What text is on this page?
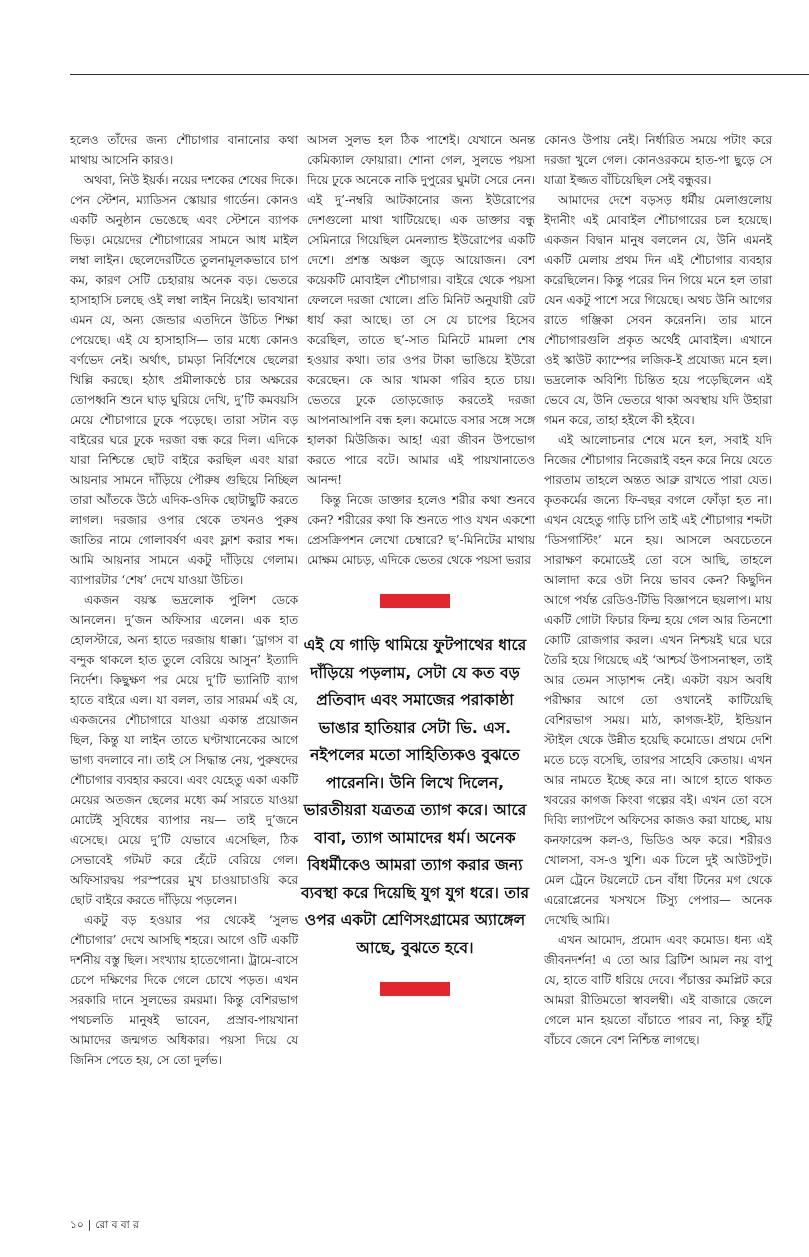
হলেও তাঁদের জন্য শৌচাগার বানানোর কথা মাথায় আসেনি কারও।

অথবা, নিউ ইয়র্ক। নয়ের দশকের শেষের দিকে। পেন স্টেশন, ম্যাডিসন স্কোয়ার গার্ডেন। কোনও একটি অনুষ্ঠান ভেঙেছে এবং স্টেশনে ব্যাপক ভিড়। মেয়েদের শৌচাগারের সামনে আধ মাইল লম্বা লাইন। ছেলেদেরটিতে তুলনামূলকভাবে চাপ কম, কারণ সেটি চেহারায় অনেক বড়। ভেতরে হাসাহাসি চলছে ওই লম্বা লাইন নিয়েই। ভাবখানা এমন যে, অন্য জেন্ডার এতদিনে উচিত শিক্ষা পেয়েছে। এই যে হাসাহাসি— তার মধ্যে কোনও বর্ণভেদ নেই। অর্থাৎ, চামড়া নির্বিশেষে ছেলেরা খিল্লি করছে। হঠাৎ প্রমীলাকণ্ঠে চার অক্ষরের তোপধ্বনি শুনে ঘাড় ঘুরিয়ে দেখি, দু’টি কমবয়সি মেয়ে শৌচাগারে ঢুকে পড়েছে। তারা সটান বড় বাইরের ঘরে ঢুকে দরজা বন্ধ করে দিল। এদিকে যারা নিশ্চিন্তে ছোট বাইরে করছিল এবং যারা আয়নার সামনে দাঁড়িয়ে পৌরুষ গুছিয়ে নিচ্ছিল তারা আঁতকে উঠে এদিক-ওদিক ছোটাছুটি করতে লাগল। দরজার ওপার থেকে তখনও পুরুষ জাতির নামে গোলাবর্ষণ এবং ফ্লাশ করার শব্দ। আমি আয়নার সামনে একটু দাঁড়িয়ে গেলাম। ব্যাপারটার ‘শেষ’ দেখে যাওয়া উচিত।

একজন বয়স্ক ভদ্রলোক পুলিশ ডেকে আনলেন। দু’জন অফিসার এলেন। এক হাত হোলস্টারে, অন্য হাতে দরজায় ধাক্কা। ‘ড্রাগস বা বন্দুক থাকলে হাত তুলে বেরিয়ে আসুন’ ইত্যাদি নির্দেশ। কিছুক্ষণ পর মেয়ে দু’টি ভ্যানিটি ব্যাগ হাতে বাইরে এল। যা বলল, তার সারমর্ম এই যে, একজনের শৌচাগারে যাওয়া একান্ত প্রয়োজন ছিল, কিন্তু যা লাইন তাতে ঘণ্টাখানেকের আগে ভাগ্য বদলাবে না। তাই সে সিদ্ধান্ত নেয়, পুরুষদের শৌচাগার ব্যবহার করবে। এবং যেহেতু একা একটি মেয়ের অতজন ছেলের মধ্যে কর্ম সারতে যাওয়া মোটেই সুবিধের ব্যাপার নয়— তাই দু’জনে এসেছে। মেয়ে দু’টি যেভাবে এসেছিল, ঠিক সেভাবেই গটমট করে হেঁটে বেরিয়ে গেল। অফিসারদ্বয় পরস্পরের মুখ চাওয়াচাওয়ি করে ছোট বাইরে করতে দাঁড়িয়ে পড়লেন।

একটু বড় হওয়ার পর থেকেই ‘সুলভ শৌচাগার’ দেখে আসছি শহরে। আগে ওটি একটি দর্শনীয় বস্তু ছিল। সংখ্যায় হাতেগোনা। ট্রামে-বাসে চেপে দক্ষিণের দিকে গেলে চোখে পড়ত। এখন সরকারি দানে সুলভের রমরমা। কিন্তু বেশিরভাগ পথচলতি মানুষই ভাবেন, প্রস্রাব-পায়খানা আমাদের জন্মগত অধিকার। পয়সা দিয়ে যে জিনিস পেতে হয়, সে তো দুর্লভ।

আসল সুলভ হল ঠিক পাশেই। যেখানে অনন্ত কেমিক্যাল ফোয়ারা। শোনা গেল, সুলভে পয়সা দিয়ে ঢুকে অনেকে নাকি দুপুরের ঘুমটা সেরে নেন। এই দু’-নম্বরি আটকানোর জন্য ইউরোপের দেশগুলো মাথা খাটিয়েছে। এক ডাক্তার বন্ধু সেমিনারে গিয়েছিল মেনল্যান্ড ইউরোপের একটি দেশে। প্রশস্ত অঞ্চল জুড়ে আয়োজন। বেশ কয়েকটি মোবাইল শৌচাগার। বাইরে থেকে পয়সা ফেললে দরজা খোলে। প্রতি মিনিট অনুযায়ী রেট ধার্য করা আছে। তা সে যে চাপের হিসেব করেছিল, তাতে ছ’-সাত মিনিটে মামলা শেষ হওয়ার কথা। তার ওপর টাকা ভাঙিয়ে ইউরো করেছেন। কে আর খামকা গরিব হতে চায়। ভেতরে ঢুকে তোড়জোড় করতেই দরজা আপনাআপনি বন্ধ হল। কমোডে বসার সঙ্গে সঙ্গে হালকা মিউজিক। আহ! এরা জীবন উপভোগ করতে পারে বটে। আমার এই পায়খানাতেও আনন্দ!

কিন্তু নিজে ডাক্তার হলেও শরীর কথা শুনবে কেন? শরীরের কথা কি শুনতে পাও যখন একশো প্রেসক্রিপশন লেখো চেম্বারে? ছ’-মিনিটের মাথায় মোক্ষম মোচড়, এদিকে ভেতর থেকে পয়সা ভরার

এই যে গাড়ি থামিয়ে ফুটপাথের ধারে দাঁড়িয়ে পড়লাম, সেটা যে কত বড় প্রতিবাদ এবং সমাজের পরাকাষ্ঠা ভাঙার হাতিয়ার সেটা ভি. এস. নইপলের মতো সাহিত্যিকও বুঝতে পারেননি। উনি লিখে দিলেন, ভারতীয়রা যত্রতত্র ত্যাগ করে। আরে বাবা, ত্যাগ আমাদের ধর্ম। অনেক বিধর্মীকেও আমরা ত্যাগ করার জন্য ব্যবস্থা করে দিয়েছি যুগ যুগ ধরে। তার ওপর একটা শ্রেণিসংগ্রামের অ্যাঙ্গেল আছে, বুঝতে হবে।

কোনও উপায় নেই। নির্ধারিত সময়ে পটাং করে দরজা খুলে গেল। কোনওরকমে হাত-পা ছুড়ে সে যাত্রা ইজ্জত বাঁচিয়েছিল সেই বন্ধুবর।

আমাদের দেশে বড়সড় ধর্মীয় মেলাগুলোয় ইদানীং এই মোবাইল শৌচাগারের চল হয়েছে। একজন বিদ্বান মানুষ বললেন যে, উনি এমনই একটি মেলায় প্রথম দিন এই শৌচাগার ব্যবহার করেছিলেন। কিন্তু পরের দিন গিয়ে মনে হল তারা যেন একটু পাশে সরে গিয়েছে। অথচ উনি আগের রাতে গঞ্জিকা সেবন করেননি। তার মানে শৌচাগারগুলি প্রকৃত অর্থেই মোবাইল। এখানে ওই স্কাউট ক্যাম্পের লজিক-ই প্রযোজ্য মনে হল। ভদ্রলোক অবিশ্যি চিন্তিত হয়ে পড়েছিলেন এই ভেবে যে, উনি ভেতরে থাকা অবস্থায় যদি উহারা গমন করে, তাহা হইলে কী হইবে।

এই আলোচনার শেষে মনে হল, সবাই যদি নিজের শৌচাগার নিজেরাই বহন করে নিয়ে যেতে পারতাম তাহলে অন্তত আব্রু রাখতে পারা যেত। কৃতকর্মের জন্যে ফি-বছর বগলে ফোঁড়া হত না। এখন যেহেতু গাড়ি চাপি তাই এই শৌচাগার শব্দটা ‘ডিসগাস্টিং’ মনে হয়। আসলে অবচেতনে সারাক্ষণ কমোডেই তো বসে আছি, তাহলে আলাদা করে ওটা নিয়ে ভাবব কেন? কিছুদিন আগে পর্যন্ত রেডিও-টিভি বিজ্ঞাপনে ছয়লাপ। মায় একটি গোটা ফিচার ফিল্ম হয়ে গেল আর তিনশো কোটি রোজগার করল। এখন নিশ্চয়ই ঘরে ঘরে তৈরি হয়ে গিয়েছে এই ‘আশ্চর্য উপাসনাস্থল, তাই আর তেমন সাড়াশব্দ নেই। একটা বয়স অবধি পরীক্ষার আগে তো ওখানেই কাটিয়েছি বেশিরভাগ সময়। মাঠ, কাগজ-ইট, ইন্ডিয়ান স্টাইল থেকে উন্নীত হয়েছি কমোডে। প্রথমে দেশি মতে চড়ে বসেছি, তারপর সাহেবি কেতায়। এখন আর নামতে ইচ্ছে করে না। আগে হাতে থাকত খবরের কাগজ কিংবা গল্পের বই। এখন তো বসে দিব্যি ল্যাপটপে অফিসের কাজও করা যাচ্ছে, মায় কনফারেন্স কল-ও, ভিডিও অফ করে। শরীরও খোলসা, বস-ও খুশি। এক ঢিলে দুই আউটপুট। মেল ট্রেনে টয়লেটে চেন বাঁধা টিনের মগ থেকে এরোপ্লেনের খসখসে টিস্যু পেপার— অনেক দেখেছি আমি।

এখন আমোদ, প্রমোদ এবং কমোড। ধন্য এই জীবনদর্শন! এ তো আর ব্রিটিশ আমল নয় বাপু যে, হাতে বাটি ধরিয়ে দেবে। পঁচাত্তর কমপ্লিট করে আমরা রীতিমতো স্বাবলম্বী। এই বাজারে জেলে গেলে মান হয়তো বাঁচাতে পারব না, কিন্তু হাঁটু বাঁচবে জেনে বেশ নিশ্চিন্ত লাগছে।

১০ | রো ব বা র
